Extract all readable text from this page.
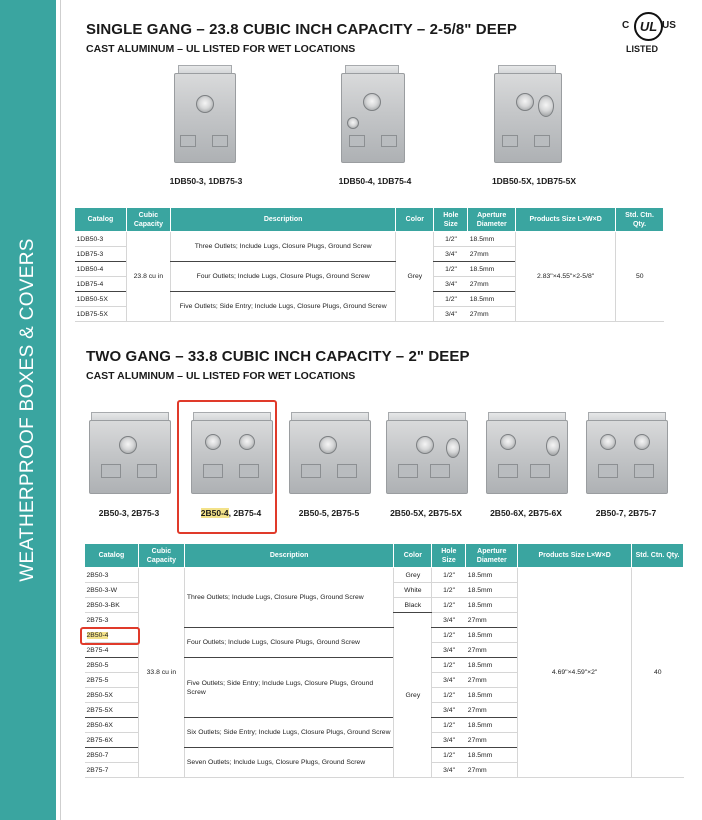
WEATHERPROOF BOXES & COVERS
SINGLE GANG – 23.8 CUBIC INCH CAPACITY – 2-5/8" DEEP
CAST ALUMINUM – UL LISTED FOR WET LOCATIONS
C UL US
LISTED
1DB50-3, 1DB75-3	1DB50-4, 1DB75-4	1DB50-5X, 1DB75-5X
Catalog	Cubic Capacity	Description	Color	Hole Size	Aperture Diameter	Products Size L×W×D	Std. Ctn. Qty.
1DB50-3	23.8 cu in	Three Outlets; Include Lugs, Closure Plugs, Ground Screw	Grey	1/2"	18.5mm	2.83"×4.55"×2-5/8"	50
1DB75-3				3/4"	27mm		
1DB50-4		Four Outlets; Include Lugs, Closure Plugs, Ground Screw		1/2"	18.5mm		
1DB75-4				3/4"	27mm		
1DB50-5X		Five Outlets; Side Entry; Include Lugs, Closure Plugs, Ground Screw		1/2"	18.5mm		
1DB75-5X				3/4"	27mm		
TWO GANG – 33.8 CUBIC INCH CAPACITY – 2" DEEP
CAST ALUMINUM – UL LISTED FOR WET LOCATIONS
2B50-3, 2B75-3	2B50-4, 2B75-4	2B50-5, 2B75-5	2B50-5X, 2B75-5X	2B50-6X, 2B75-6X	2B50-7, 2B75-7
Catalog	Cubic Capacity	Description	Color	Hole Size	Aperture Diameter	Products Size L×W×D	Std. Ctn. Qty.
2B50-3	33.8 cu in	Three Outlets; Include Lugs, Closure Plugs, Ground Screw	Grey	1/2"	18.5mm	4.69"×4.59"×2"	40
2B50-3-W			White	1/2"	18.5mm		
2B50-3-BK			Black	1/2"	18.5mm		
2B75-3			Grey	3/4"	27mm		
2B50-4		Four Outlets; Include Lugs, Closure Plugs, Ground Screw		1/2"	18.5mm		
2B75-4				3/4"	27mm		
2B50-5		Five Outlets; Side Entry; Include Lugs, Closure Plugs, Ground Screw		1/2"	18.5mm		
2B75-5				3/4"	27mm		
2B50-5X				1/2"	18.5mm		
2B75-5X				3/4"	27mm		
2B50-6X		Six Outlets; Side Entry; Include Lugs, Closure Plugs, Ground Screw		1/2"	18.5mm		
2B75-6X				3/4"	27mm		
2B50-7		Seven Outlets; Include Lugs, Closure Plugs, Ground Screw		1/2"	18.5mm		
2B75-7				3/4"	27mm		
